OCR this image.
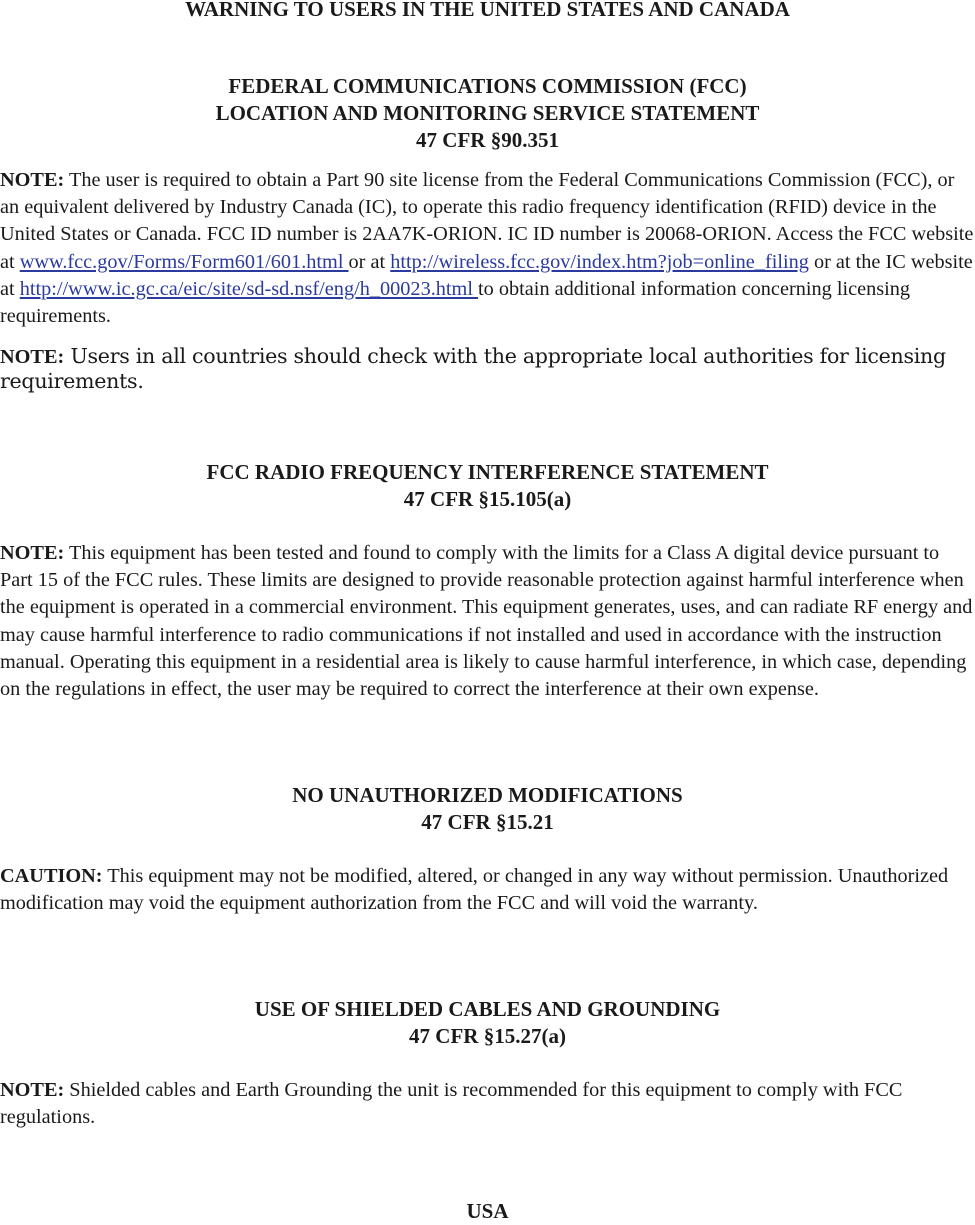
WARNING TO USERS IN THE UNITED STATES AND CANADA

FEDERAL COMMUNICATIONS COMMISSION (FCC)

LOCATION AND MONITORING SERVICE STATEMENT

47 CFR §90.351

NOTE: The user is required to obtain a Part 90 site license from the Federal Communications Commission (FCC), or an equivalent delivered by Industry Canada (IC), to operate this radio frequency identification (RFID) device in the United States or Canada. FCC ID number is 2AA7K-ORION. IC ID number is 20068-ORION. Access the FCC website at www.fcc.gov/Forms/Form601/601.html or at http://wireless.fcc.gov/index.htm?job=online_filing or at the IC website at http://www.ic.gc.ca/eic/site/sd-sd.nsf/eng/h_00023.html to obtain additional information concerning licensing requirements.

NOTE: Users in all countries should check with the appropriate local authorities for licensing requirements.

FCC RADIO FREQUENCY INTERFERENCE STATEMENT

47 CFR §15.105(a)

NOTE: This equipment has been tested and found to comply with the limits for a Class A digital device pursuant to Part 15 of the FCC rules. These limits are designed to provide reasonable protection against harmful interference when the equipment is operated in a commercial environment. This equipment generates, uses, and can radiate RF energy and may cause harmful interference to radio communications if not installed and used in accordance with the instruction manual. Operating this equipment in a residential area is likely to cause harmful interference, in which case, depending on the regulations in effect, the user may be required to correct the interference at their own expense.

NO UNAUTHORIZED MODIFICATIONS

47 CFR §15.21

CAUTION: This equipment may not be modified, altered, or changed in any way without permission. Unauthorized modification may void the equipment authorization from the FCC and will void the warranty.

USE OF SHIELDED CABLES AND GROUNDING

47 CFR §15.27(a)

NOTE: Shielded cables and Earth Grounding the unit is recommended for this equipment to comply with FCC regulations.

USA
